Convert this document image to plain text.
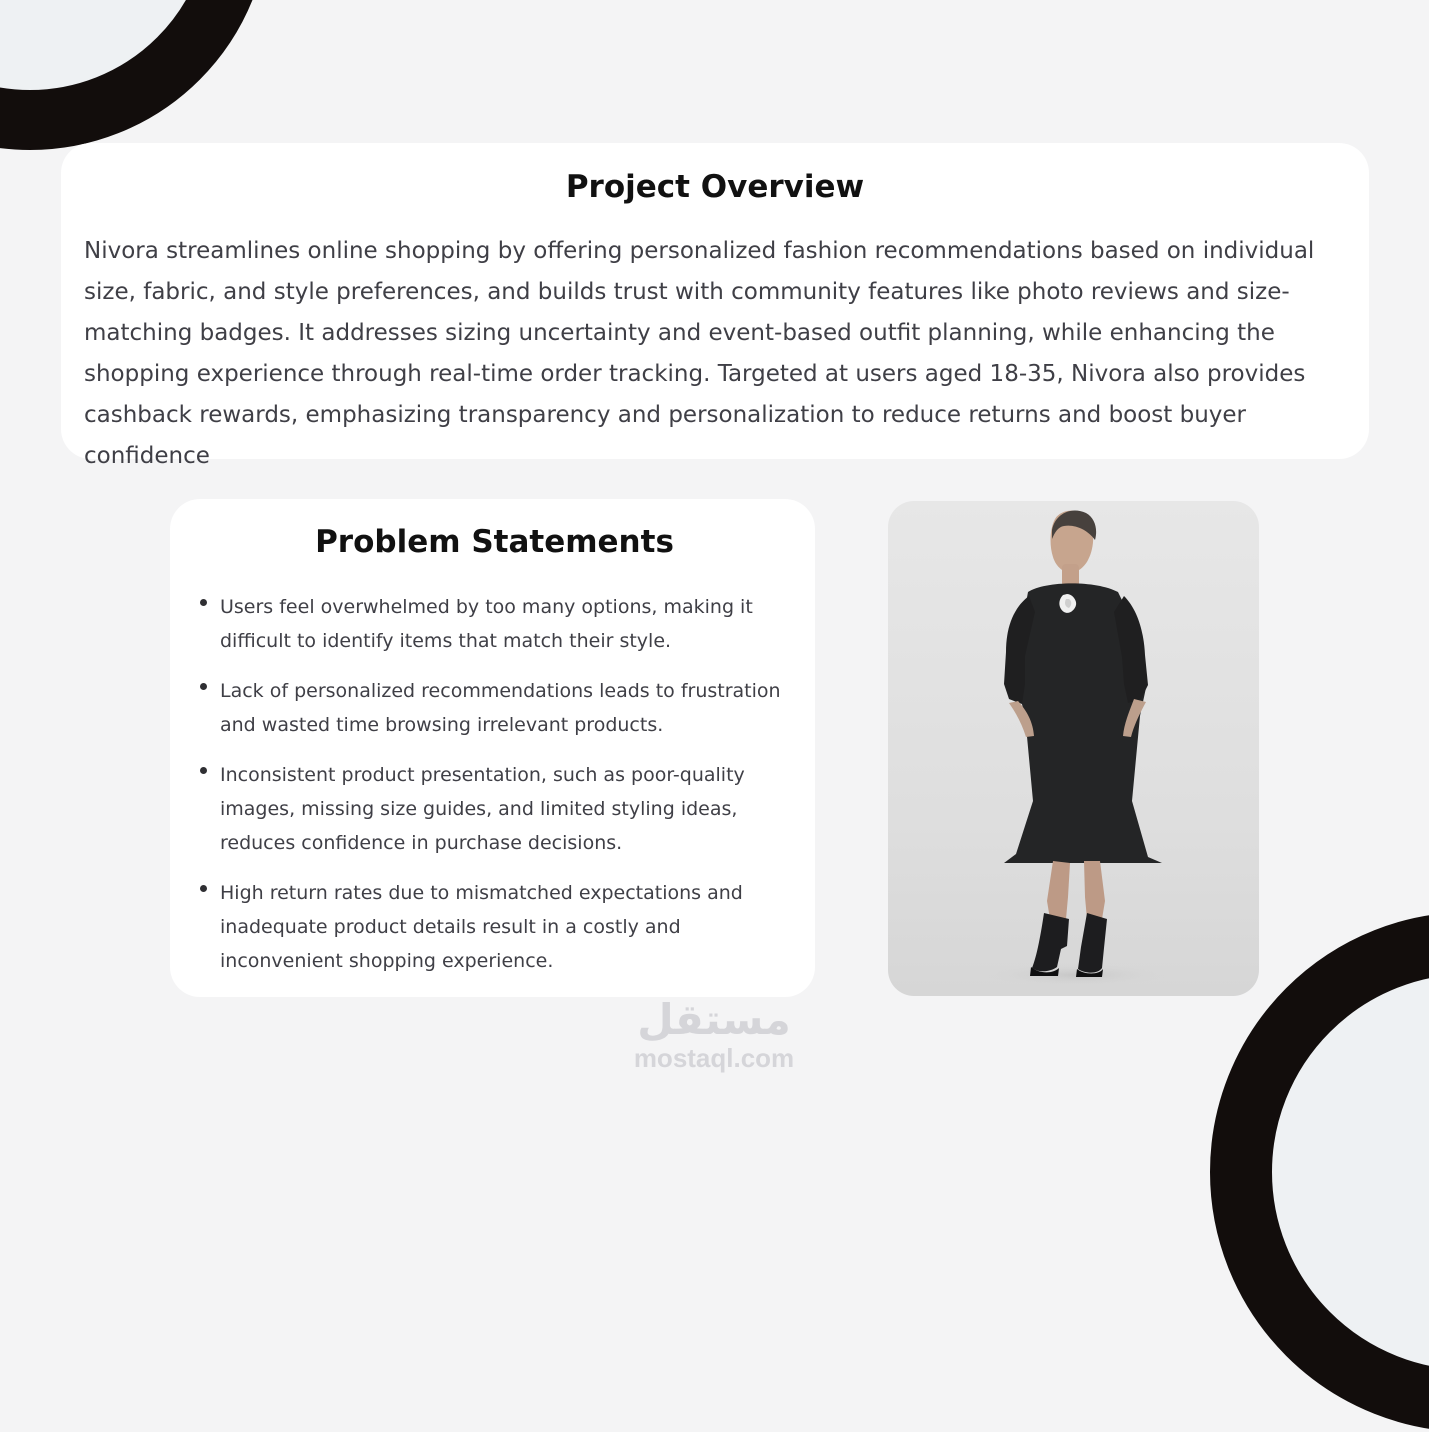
Project Overview

Nivora streamlines online shopping by offering personalized fashion recommendations based on individual size, fabric, and style preferences, and builds trust with community features like photo reviews and size-matching badges. It addresses sizing uncertainty and event-based outfit planning, while enhancing the shopping experience through real-time order tracking. Targeted at users aged 18-35, Nivora also provides cashback rewards, emphasizing transparency and personalization to reduce returns and boost buyer confidence

Problem Statements
Users feel overwhelmed by too many options, making it difficult to identify items that match their style.
Lack of personalized recommendations leads to frustration and wasted time browsing irrelevant products.
Inconsistent product presentation, such as poor-quality images, missing size guides, and limited styling ideas, reduces confidence in purchase decisions.
High return rates due to mismatched expectations and inadequate product details result in a costly and inconvenient shopping experience.
مستقل
mostaql.com
